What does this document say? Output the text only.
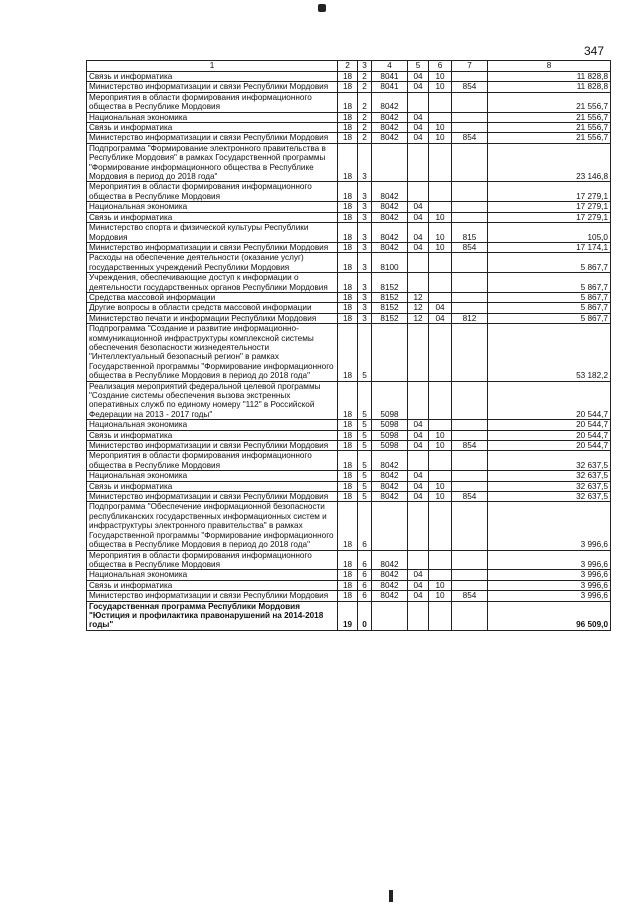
347
1	2	3	4	5	6	7	8
Связь и информатика	18	2	8041	04	10		11 828,8
Министерство информатизации и связи Республики Мордовия	18	2	8041	04	10	854	11 828,8
Мероприятия в области формирования информационного общества в Республике Мордовия	18	2	8042				21 556,7
Национальная экономика	18	2	8042	04			21 556,7
Связь и информатика	18	2	8042	04	10		21 556,7
Министерство информатизации и связи Республики Мордовия	18	2	8042	04	10	854	21 556,7
Подпрограмма "Формирование электронного правительства в Республике Мордовия" в рамках Государственной программы "Формирование информационного общества в Республике Мордовия в период до 2018 года"	18	3					23 146,8
Мероприятия в области формирования информационного общества в Республике Мордовия	18	3	8042				17 279,1
Национальная экономика	18	3	8042	04			17 279,1
Связь и информатика	18	3	8042	04	10		17 279,1
Министерство спорта и физической культуры Республики Мордовия	18	3	8042	04	10	815	105,0
Министерство информатизации и связи Республики Мордовия	18	3	8042	04	10	854	17 174,1
Расходы на обеспечение деятельности (оказание услуг) государственных учреждений Республики Мордовия	18	3	8100				5 867,7
Учреждения, обеспечивающие доступ к информации о деятельности государственных органов Республики Мордовия	18	3	8152				5 867,7
Средства массовой информации	18	3	8152	12			5 867,7
Другие вопросы в области средств массовой информации	18	3	8152	12	04		5 867,7
Министерство печати и информации Республики Мордовия	18	3	8152	12	04	812	5 867,7
Подпрограмма "Создание и развитие информационно-коммуникационной инфраструктуры комплексной системы обеспечения безопасности жизнедеятельности "Интеллектуальный безопасный регион" в рамках Государственной программы "Формирование информационного общества в Республике Мордовия в период до 2018 года"	18	5					53 182,2
Реализация мероприятий федеральной целевой программы "Создание системы обеспечения вызова экстренных оперативных служб по единому номеру "112" в Российской Федерации на 2013 - 2017 годы"	18	5	5098				20 544,7
Национальная экономика	18	5	5098	04			20 544,7
Связь и информатика	18	5	5098	04	10		20 544,7
Министерство информатизации и связи Республики Мордовия	18	5	5098	04	10	854	20 544,7
Мероприятия в области формирования информационного общества в Республике Мордовия	18	5	8042				32 637,5
Национальная экономика	18	5	8042	04			32 637,5
Связь и информатика	18	5	8042	04	10		32 637,5
Министерство информатизации и связи Республики Мордовия	18	5	8042	04	10	854	32 637,5
Подпрограмма "Обеспечение информационной безопасности республиканских государственных информационных систем и инфраструктуры электронного правительства" в рамках Государственной программы "Формирование информационного общества в Республике Мордовия в период до 2018 года"	18	6					3 996,6
Мероприятия в области формирования информационного общества в Республике Мордовия	18	6	8042				3 996,6
Национальная экономика	18	6	8042	04			3 996,6
Связь и информатика	18	6	8042	04	10		3 996,6
Министерство информатизации и связи Республики Мордовия	18	6	8042	04	10	854	3 996,6
Государственная программа Республики Мордовия "Юстиция и профилактика правонарушений на 2014-2018 годы"	19	0					96 509,0
